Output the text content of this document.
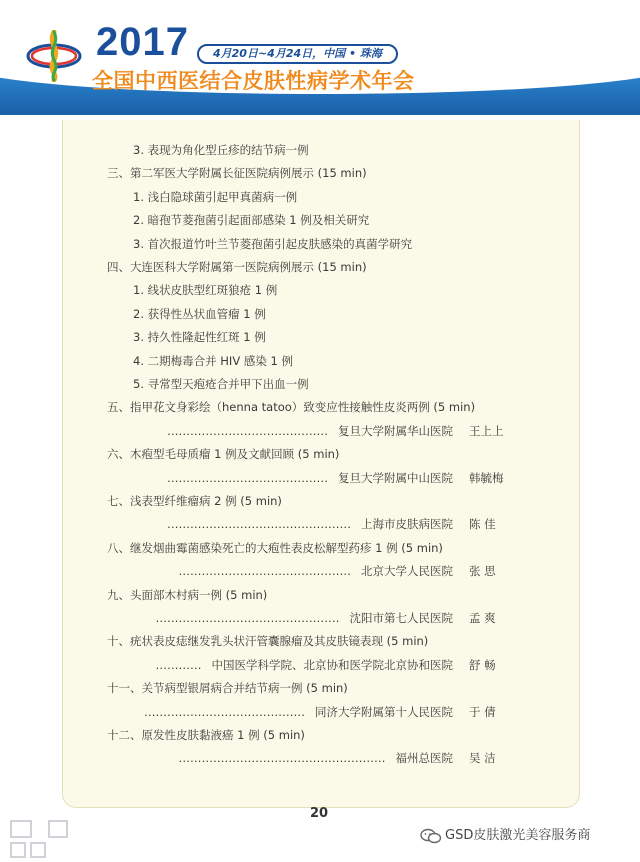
2017	4月20日~4月24日，中国 • 珠海
全国中西医结合皮肤性病学术年会
3. 表现为角化型丘疹的结节病一例
三、第二军医大学附属长征医院病例展示 (15 min)
1. 浅白隐球菌引起甲真菌病一例
2. 暗孢节菱孢菌引起面部感染 1 例及相关研究
3. 首次报道竹叶兰节菱孢菌引起皮肤感染的真菌学研究
四、大连医科大学附属第一医院病例展示 (15 min)
1. 线状皮肤型红斑狼疮 1 例
2. 获得性丛状血管瘤 1 例
3. 持久性隆起性红斑 1 例
4. 二期梅毒合并 HIV 感染 1 例
5. 寻常型天疱疮合并甲下出血一例
五、指甲花文身彩绘（henna tatoo）致变应性接触性皮炎两例 (5 min)
…………………………………… 复旦大学附属华山医院 王上上
六、木疱型毛母质瘤 1 例及文献回顾 (5 min)
…………………………………… 复旦大学附属中山医院 韩毓梅
七、浅表型纤维瘤病 2 例 (5 min)
………………………………………… 上海市皮肤病医院 陈 佳
八、继发烟曲霉菌感染死亡的大疱性表皮松解型药疹 1 例 (5 min)
……………………………………… 北京大学人民医院 张 思
九、头面部木村病一例 (5 min)
………………………………………… 沈阳市第七人民医院 孟 爽
十、疣状表皮痣继发乳头状汗管囊腺瘤及其皮肤镜表现 (5 min)
………… 中国医学科学院、北京协和医学院北京协和医院 舒 畅
十一、关节病型银屑病合并结节病一例 (5 min)
…………………………………… 同济大学附属第十人民医院 于 倩
十二、原发性皮肤黏液癌 1 例 (5 min)
……………………………………………… 福州总医院 吴 洁
20
GSD皮肤激光美容服务商
